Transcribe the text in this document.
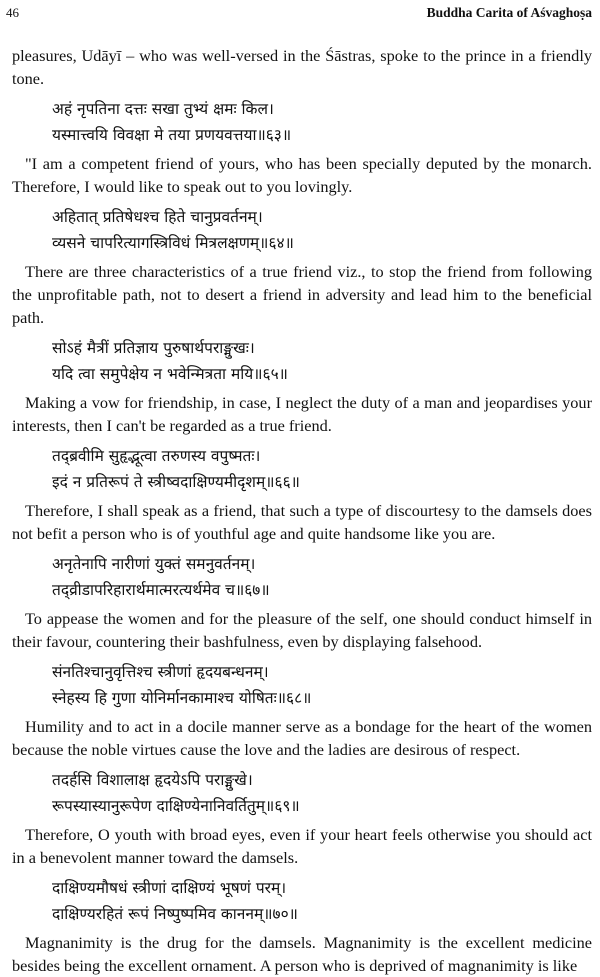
46	Buddha Carita of Aśvaghoṣa

pleasures, Udāyī – who was well-versed in the Śāstras, spoke to the prince in a friendly tone.

अहं नृपतिना दत्तः सखा तुभ्यं क्षमः किल।
यस्मात्त्वयि विवक्षा मे तया प्रणयवत्तया॥६३॥

"I am a competent friend of yours, who has been specially deputed by the monarch. Therefore, I would like to speak out to you lovingly.

अहितात् प्रतिषेधश्च हिते चानुप्रवर्तनम्।
व्यसने चापरित्यागस्त्रिविधं मित्रलक्षणम्॥६४॥

There are three characteristics of a true friend viz., to stop the friend from following the unprofitable path, not to desert a friend in adversity and lead him to the beneficial path.

सोऽहं मैत्रीं प्रतिज्ञाय पुरुषार्थपराङ्मुखः।
यदि त्वा समुपेक्षेय न भवेन्मित्रता मयि॥६५॥

Making a vow for friendship, in case, I neglect the duty of a man and jeopardises your interests, then I can't be regarded as a true friend.

तद्ब्रवीमि सुहृद्भूत्वा तरुणस्य वपुष्मतः।
इदं न प्रतिरूपं ते स्त्रीष्वदाक्षिण्यमीदृशम्॥६६॥

Therefore, I shall speak as a friend, that such a type of discourtesy to the damsels does not befit a person who is of youthful age and quite handsome like you are.

अनृतेनापि नारीणां युक्तं समनुवर्तनम्।
तद्व्रीडापरिहारार्थमात्मरत्यर्थमेव च॥६७॥

To appease the women and for the pleasure of the self, one should conduct himself in their favour, countering their bashfulness, even by displaying falsehood.

संनतिश्चानुवृत्तिश्च स्त्रीणां हृदयबन्धनम्।
स्नेहस्य हि गुणा योनिर्मानकामाश्च योषितः॥६८॥

Humility and to act in a docile manner serve as a bondage for the heart of the women because the noble virtues cause the love and the ladies are desirous of respect.

तदर्हसि विशालाक्ष हृदयेऽपि पराङ्मुखे।
रूपस्यास्यानुरूपेण दाक्षिण्येनानिवर्तितुम्॥६९॥

Therefore, O youth with broad eyes, even if your heart feels otherwise you should act in a benevolent manner toward the damsels.

दाक्षिण्यमौषधं स्त्रीणां दाक्षिण्यं भूषणं परम्।
दाक्षिण्यरहितं रूपं निष्पुष्पमिव काननम्॥७०॥

Magnanimity is the drug for the damsels. Magnanimity is the excellent medicine besides being the excellent ornament. A person who is deprived of magnanimity is like
